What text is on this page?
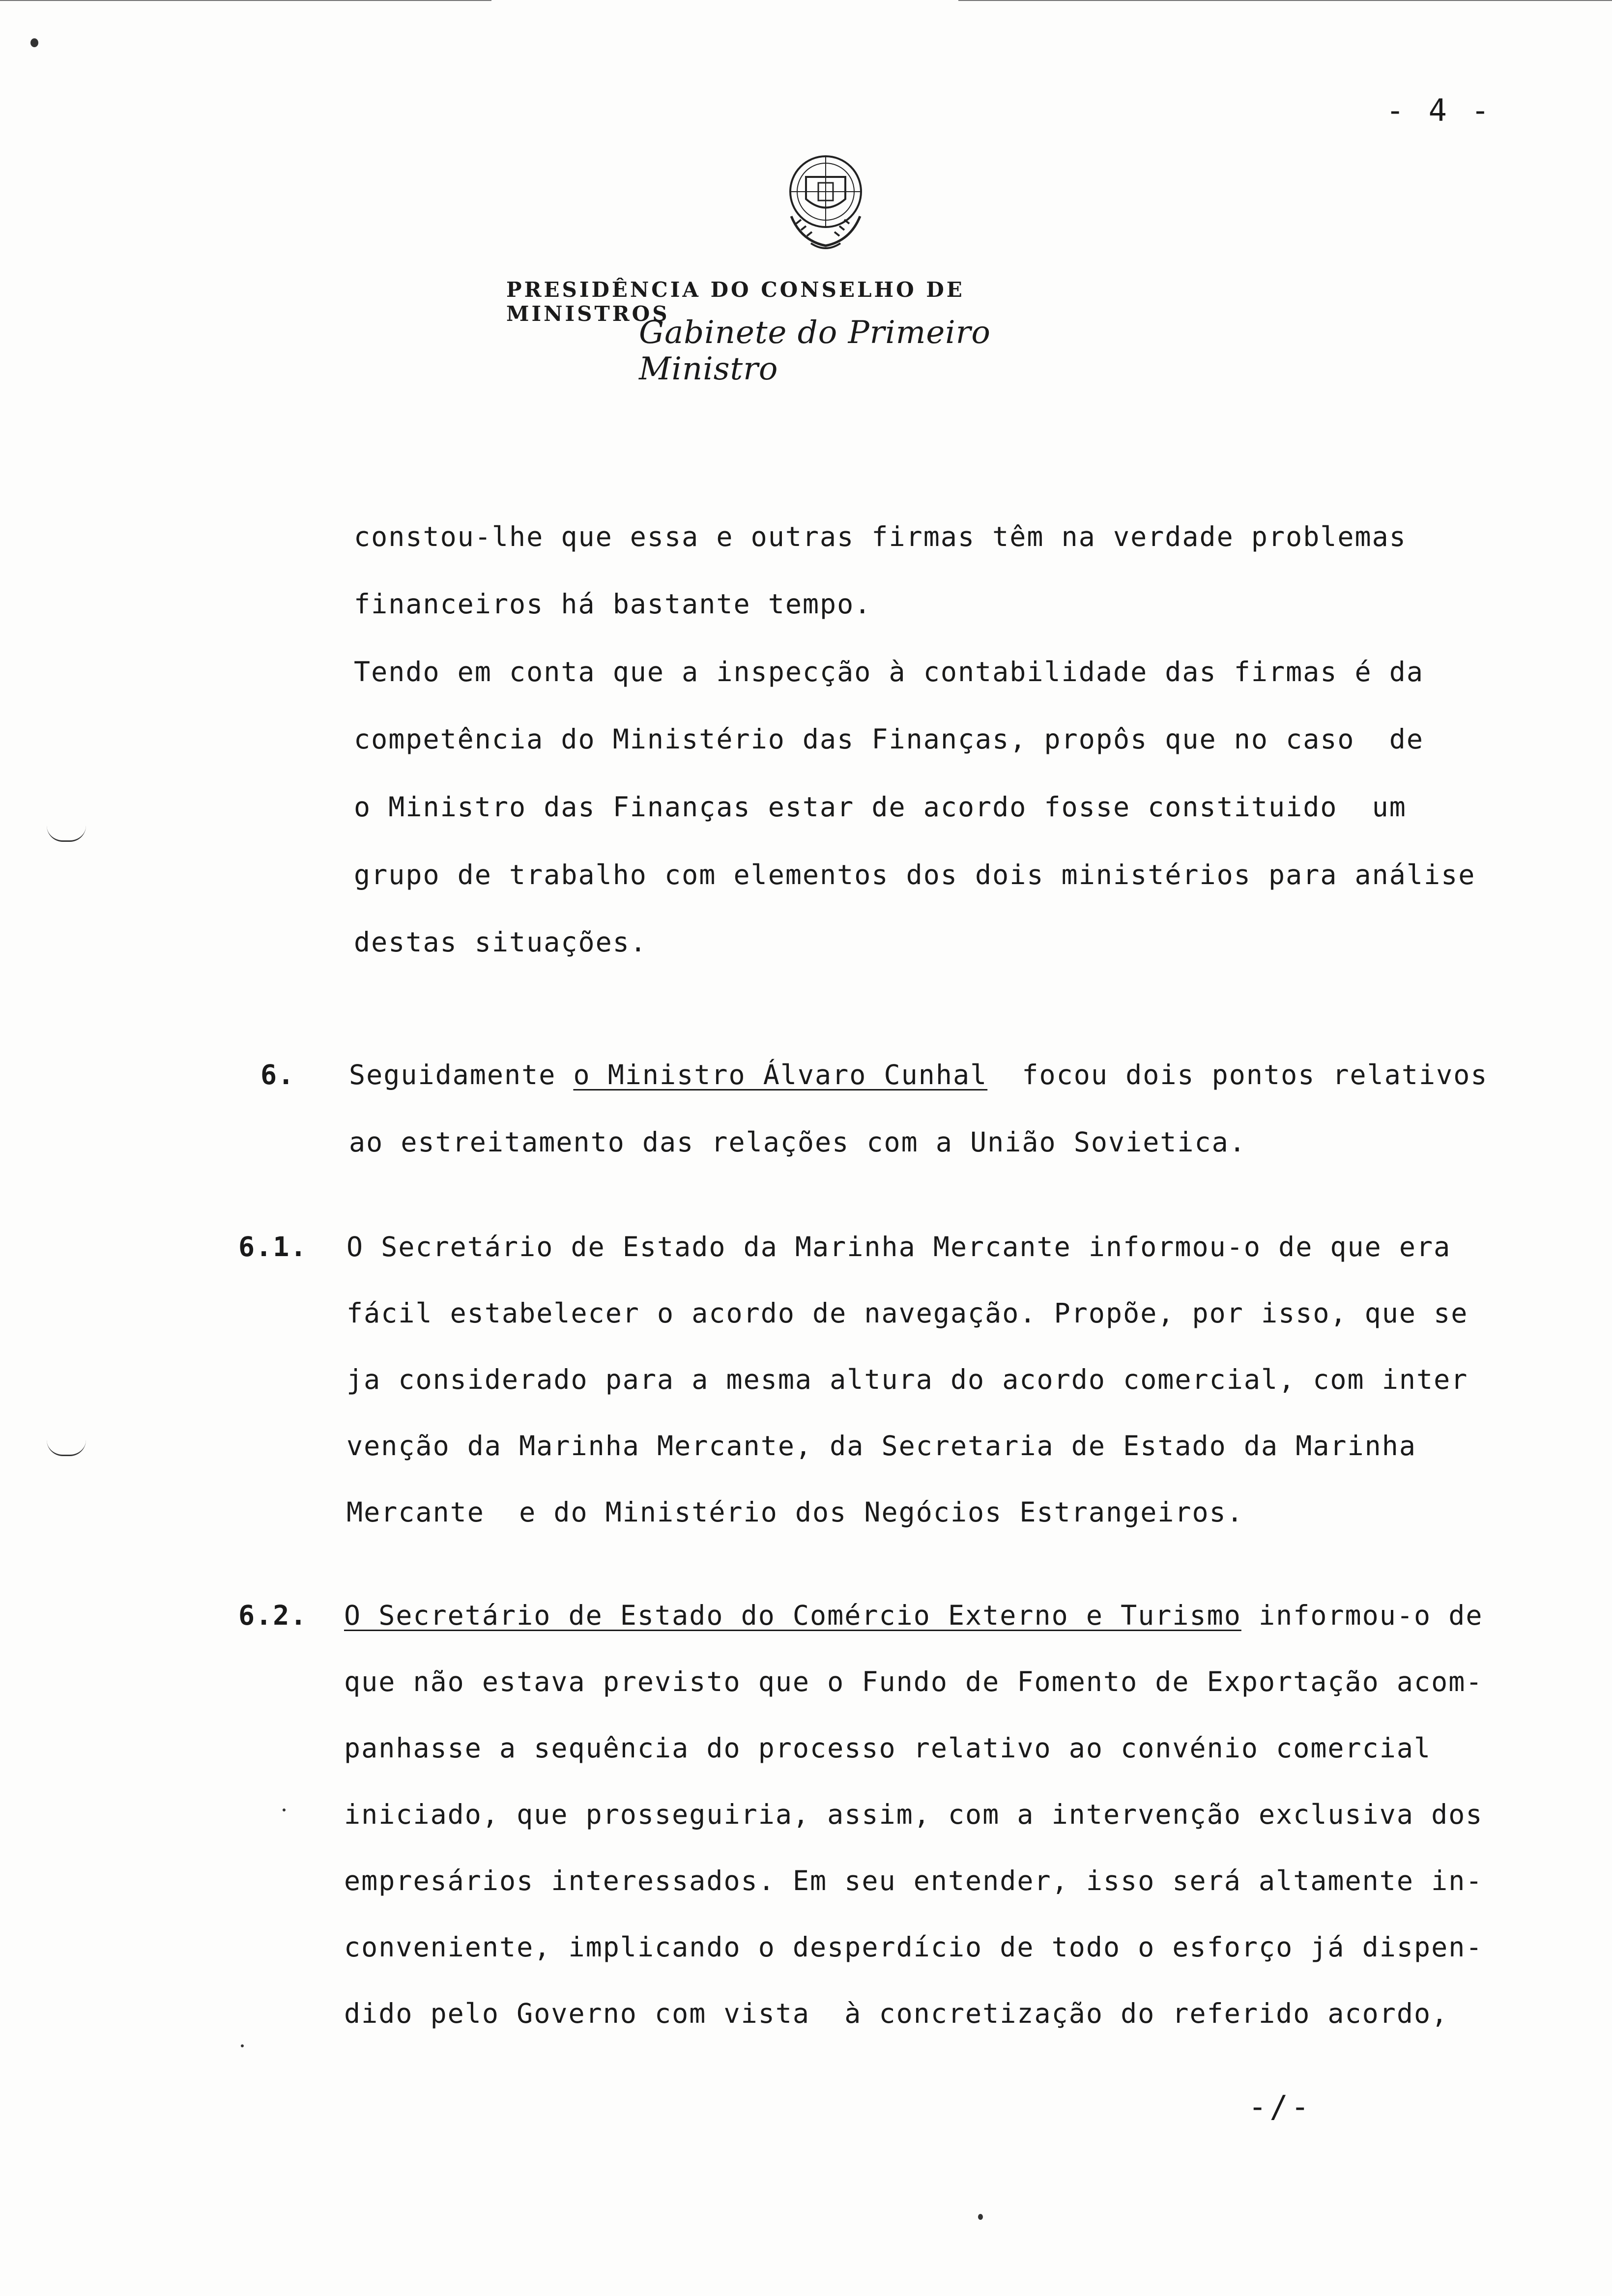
- 4 -
PRESIDÊNCIA DO CONSELHO DE MINISTROS
Gabinete do Primeiro Ministro

constou-lhe que essa e outras firmas têm na verdade problemas

financeiros há bastante tempo.

Tendo em conta que a inspecção à contabilidade das firmas é da

competência do Ministério das Finanças, propôs que no caso  de

o Ministro das Finanças estar de acordo fosse constituido  um

grupo de trabalho com elementos dos dois ministérios para análise

destas situações.

6. Seguidamente o Ministro Álvaro Cunhal  focou dois pontos relativos
ao estreitamento das relações com a União Sovietica.
6.1. O Secretário de Estado da Marinha Mercante informou-o de que era
fácil estabelecer o acordo de navegação. Propõe, por isso, que se
ja considerado para a mesma altura do acordo comercial, com inter
venção da Marinha Mercante, da Secretaria de Estado da Marinha
Mercante  e do Ministério dos Negócios Estrangeiros.
6.2. O Secretário de Estado do Comércio Externo e Turismo informou-o de
que não estava previsto que o Fundo de Fomento de Exportação acom-
panhasse a sequência do processo relativo ao convénio comercial
iniciado, que prosseguiria, assim, com a intervenção exclusiva dos
empresários interessados. Em seu entender, isso será altamente in-
conveniente, implicando o desperdício de todo o esforço já dispen-
dido pelo Governo com vista  à concretização do referido acordo,
-/-
